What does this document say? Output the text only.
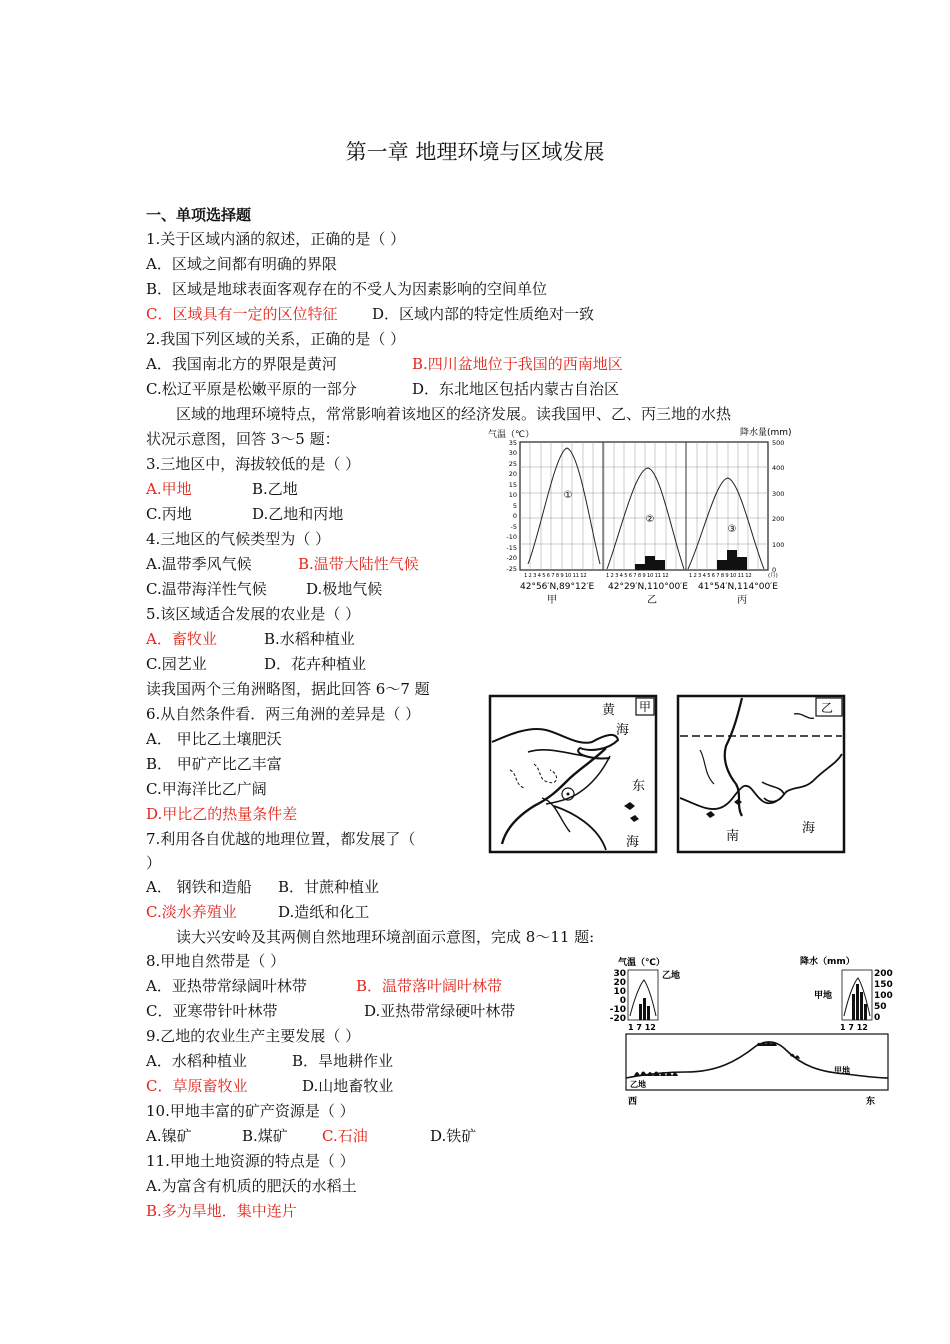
第一章 地理环境与区域发展
一、单项选择题
1.关于区域内涵的叙述，正确的是（ ）
A．区域之间都有明确的界限
B．区域是地球表面客观存在的不受人为因素影响的空间单位
C．区域具有一定的区位特征 D．区域内部的特定性质绝对一致
2.我国下列区域的关系，正确的是（ ）
A．我国南北方的界限是黄河	B.四川盆地位于我国的西南地区
C.松辽平原是松嫩平原的一部分	D．东北地区包括内蒙古自治区
区域的地理环境特点，常常影响着该地区的经济发展。读我国甲、乙、丙三地的水热
状况示意图，回答 3～5 题：
3.三地区中，海拔较低的是（ ）
A.甲地	B.乙地
C.丙地	D.乙地和丙地
4.三地区的气候类型为（ ）
A.温带季风气候	B.温带大陆性气候
C.温带海洋性气候	D.极地气候
5.该区域适合发展的农业是（ ）
A．畜牧业	B.水稻种植业
C.园艺业	D．花卉种植业
读我国两个三角洲略图，据此回答 6～7 题
6.从自然条件看．两三角洲的差异是（ ）
A． 甲比乙土壤肥沃
B． 甲矿产比乙丰富
C.甲海洋比乙广阔
D.甲比乙的热量条件差
7.利用各自优越的地理位置，都发展了（
）
A． 钢铁和造船 B．甘蔗种植业
C.淡水养殖业	D.造纸和化工
读大兴安岭及其两侧自然地理环境剖面示意图，完成 8～11 题:
8.甲地自然带是（ ）
A．亚热带常绿阔叶林带	B．温带落叶阔叶林带
C．亚寒带针叶林带	D.亚热带常绿硬叶林带
9.乙地的农业生产主要发展（ ）
A．水稻种植业	B．旱地耕作业
C．草原畜牧业	D.山地畜牧业
10.甲地丰富的矿产资源是（ ）
A.镍矿	B.煤矿 C.石油	D.铁矿
11.甲地土地资源的特点是（ ）
A.为富含有机质的肥沃的水稻土
B.多为旱地．集中连片
气温（℃）	降水量(mm)
35
30
25
20
15
10
5
0
-5
-10
-15
-20
-25
500
400
300
200
100
0
①
②
③
1 2 3 4 5 6 7 8 9 10 11 12	1 2 3 4 5 6 7 8 9 10 11 12	1 2 3 4 5 6 7 8 9 10 11 12	(月)
42°56′N,89°12′E 42°29′N,110°00′E 41°54′N,114°00′E
甲	乙	丙
甲
黄
海
东
海
乙
南
海
气温（℃）	降水（mm）
30
20
10
0
-10
-20
乙地
1 7 12
甲地
200
150
100
50
0
1 7 12
乙地
甲地
西	东
